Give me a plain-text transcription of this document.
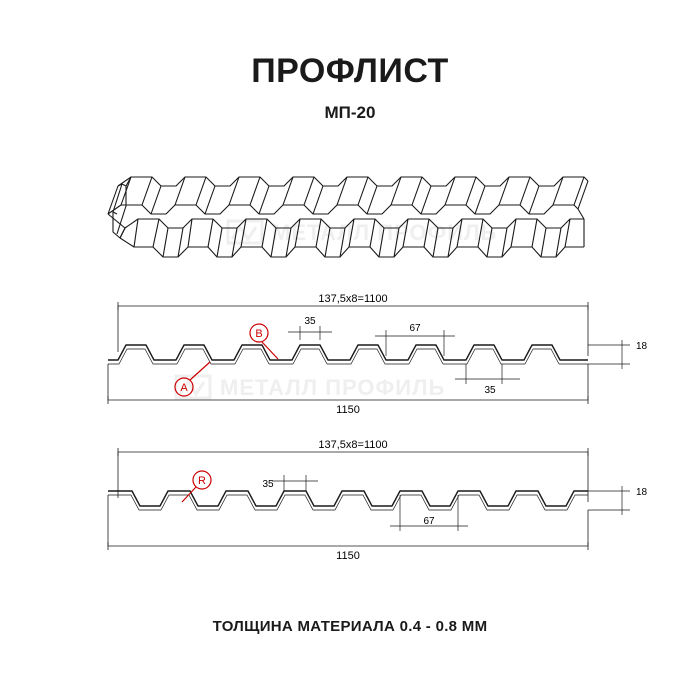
ПРОФЛИСТ
МП-20
МЕТАЛЛ ПРОФИЛЬ
МЕТАЛЛ ПРОФИЛЬ
137,5х8=1100
35
67
35
18
1150
A
B
137,5х8=1100
35
67
18
1150
R
ТОЛЩИНА МАТЕРИАЛА 0.4 - 0.8 ММ
